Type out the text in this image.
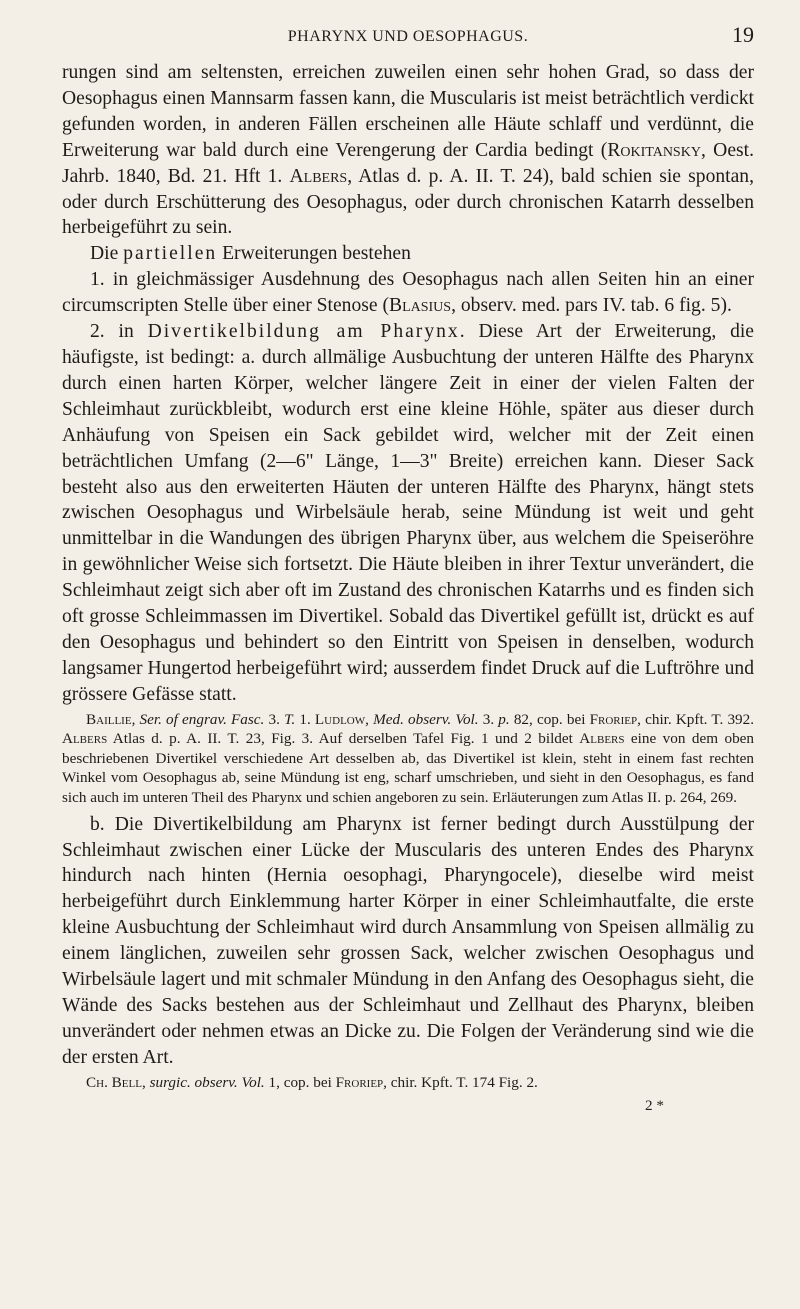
PHARYNX UND OESOPHAGUS.	19

rungen sind am seltensten, erreichen zuweilen einen sehr hohen Grad, so dass der Oesophagus einen Mannsarm fassen kann, die Muscularis ist meist beträchtlich verdickt gefunden worden, in anderen Fällen erscheinen alle Häute schlaff und verdünnt, die Erweiterung war bald durch eine Verengerung der Cardia bedingt (Rokitansky, Oest. Jahrb. 1840, Bd. 21. Hft 1. Albers, Atlas d. p. A. II. T. 24), bald schien sie spontan, oder durch Erschütterung des Oesophagus, oder durch chronischen Katarrh desselben herbeigeführt zu sein.

Die partiellen Erweiterungen bestehen

1. in gleichmässiger Ausdehnung des Oesophagus nach allen Seiten hin an einer circumscripten Stelle über einer Stenose (Blasius, observ. med. pars IV. tab. 6 fig. 5).

2. in Divertikelbildung am Pharynx. Diese Art der Erweiterung, die häufigste, ist bedingt: a. durch allmälige Ausbuchtung der unteren Hälfte des Pharynx durch einen harten Körper, welcher längere Zeit in einer der vielen Falten der Schleimhaut zurückbleibt, wodurch erst eine kleine Höhle, später aus dieser durch Anhäufung von Speisen ein Sack gebildet wird, welcher mit der Zeit einen beträchtlichen Umfang (2—6" Länge, 1—3" Breite) erreichen kann. Dieser Sack besteht also aus den erweiterten Häuten der unteren Hälfte des Pharynx, hängt stets zwischen Oesophagus und Wirbelsäule herab, seine Mündung ist weit und geht unmittelbar in die Wandungen des übrigen Pharynx über, aus welchem die Speiseröhre in gewöhnlicher Weise sich fortsetzt. Die Häute bleiben in ihrer Textur unverändert, die Schleimhaut zeigt sich aber oft im Zustand des chronischen Katarrhs und es finden sich oft grosse Schleimmassen im Divertikel. Sobald das Divertikel gefüllt ist, drückt es auf den Oesophagus und behindert so den Eintritt von Speisen in denselben, wodurch langsamer Hungertod herbeigeführt wird; ausserdem findet Druck auf die Luftröhre und grössere Gefässe statt.

Baillie, Ser. of engrav. Fasc. 3. T. 1. Ludlow, Med. observ. Vol. 3. p. 82, cop. bei Froriep, chir. Kpft. T. 392. Albers Atlas d. p. A. II. T. 23, Fig. 3. Auf derselben Tafel Fig. 1 und 2 bildet Albers eine von dem oben beschriebenen Divertikel verschiedene Art desselben ab, das Divertikel ist klein, steht in einem fast rechten Winkel vom Oesophagus ab, seine Mündung ist eng, scharf umschrieben, und sieht in den Oesophagus, es fand sich auch im unteren Theil des Pharynx und schien angeboren zu sein. Erläuterungen zum Atlas II. p. 264, 269.

b. Die Divertikelbildung am Pharynx ist ferner bedingt durch Ausstülpung der Schleimhaut zwischen einer Lücke der Muscularis des unteren Endes des Pharynx hindurch nach hinten (Hernia oesophagi, Pharyngocele), dieselbe wird meist herbeigeführt durch Einklemmung harter Körper in einer Schleimhautfalte, die erste kleine Ausbuchtung der Schleimhaut wird durch Ansammlung von Speisen allmälig zu einem länglichen, zuweilen sehr grossen Sack, welcher zwischen Oesophagus und Wirbelsäule lagert und mit schmaler Mündung in den Anfang des Oesophagus sieht, die Wände des Sacks bestehen aus der Schleimhaut und Zellhaut des Pharynx, bleiben unverändert oder nehmen etwas an Dicke zu. Die Folgen der Veränderung sind wie die der ersten Art.

Ch. Bell, surgic. observ. Vol. 1, cop. bei Froriep, chir. Kpft. T. 174 Fig. 2.

2 *
